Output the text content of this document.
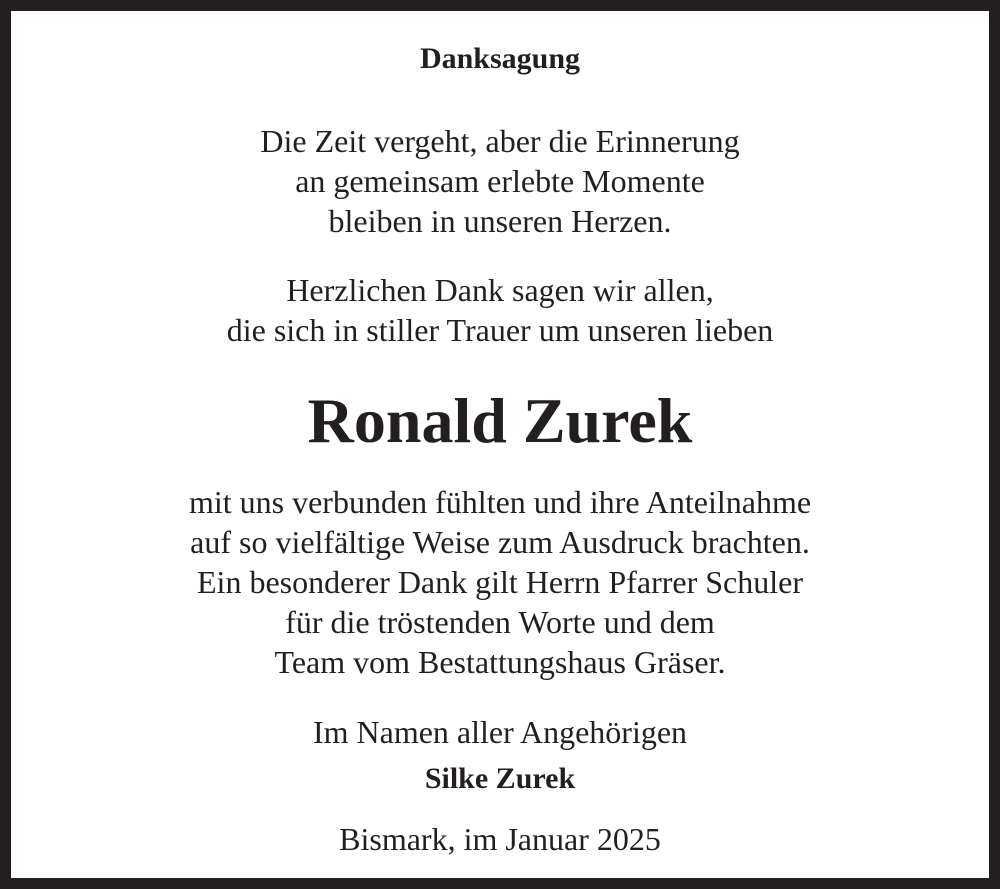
Danksagung

Die Zeit vergeht, aber die Erinnerung
an gemeinsam erlebte Momente
bleiben in unseren Herzen.

Herzlichen Dank sagen wir allen,
die sich in stiller Trauer um unseren lieben

Ronald Zurek

mit uns verbunden fühlten und ihre Anteilnahme
auf so vielfältige Weise zum Ausdruck brachten.
Ein besonderer Dank gilt Herrn Pfarrer Schuler
für die tröstenden Worte und dem
Team vom Bestattungshaus Gräser.

Im Namen aller Angehörigen

Silke Zurek

Bismark, im Januar 2025
